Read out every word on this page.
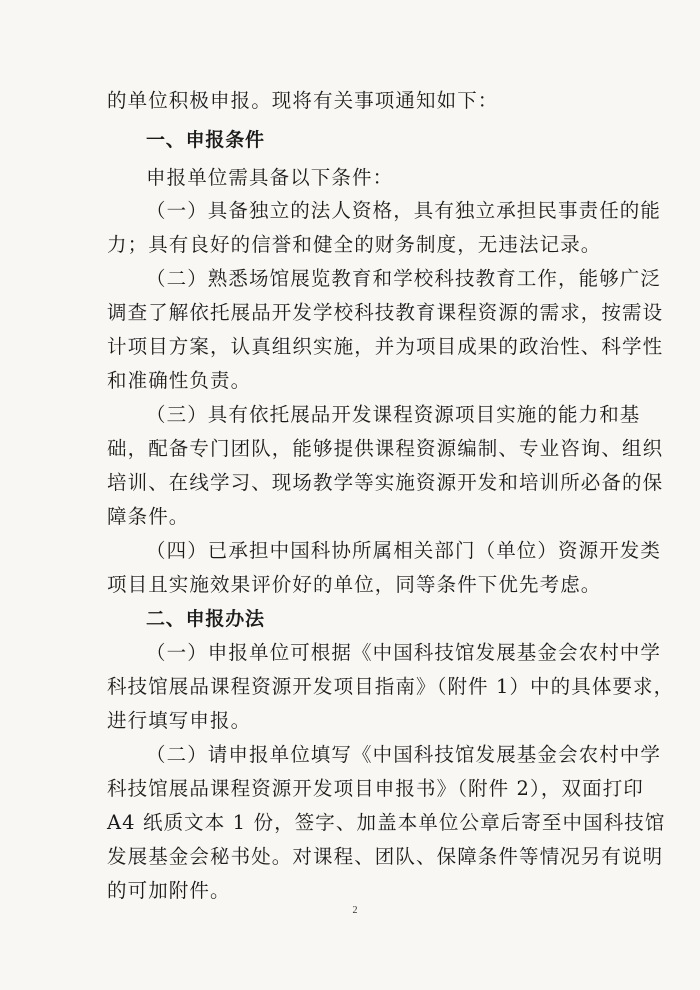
的单位积极申报。现将有关事项通知如下：
一、申报条件
申报单位需具备以下条件：
（一）具备独立的法人资格，具有独立承担民事责任的能
力；具有良好的信誉和健全的财务制度，无违法记录。
（二）熟悉场馆展览教育和学校科技教育工作，能够广泛
调查了解依托展品开发学校科技教育课程资源的需求，按需设
计项目方案，认真组织实施，并为项目成果的政治性、科学性
和准确性负责。
（三）具有依托展品开发课程资源项目实施的能力和基
础，配备专门团队，能够提供课程资源编制、专业咨询、组织
培训、在线学习、现场教学等实施资源开发和培训所必备的保
障条件。
（四）已承担中国科协所属相关部门（单位）资源开发类
项目且实施效果评价好的单位，同等条件下优先考虑。
二、申报办法
（一）申报单位可根据《中国科技馆发展基金会农村中学
科技馆展品课程资源开发项目指南》（附件 1）中的具体要求，
进行填写申报。
（二）请申报单位填写《中国科技馆发展基金会农村中学
科技馆展品课程资源开发项目申报书》（附件 2），双面打印
A4 纸质文本 1 份，签字、加盖本单位公章后寄至中国科技馆
发展基金会秘书处。对课程、团队、保障条件等情况另有说明
的可加附件。
2
